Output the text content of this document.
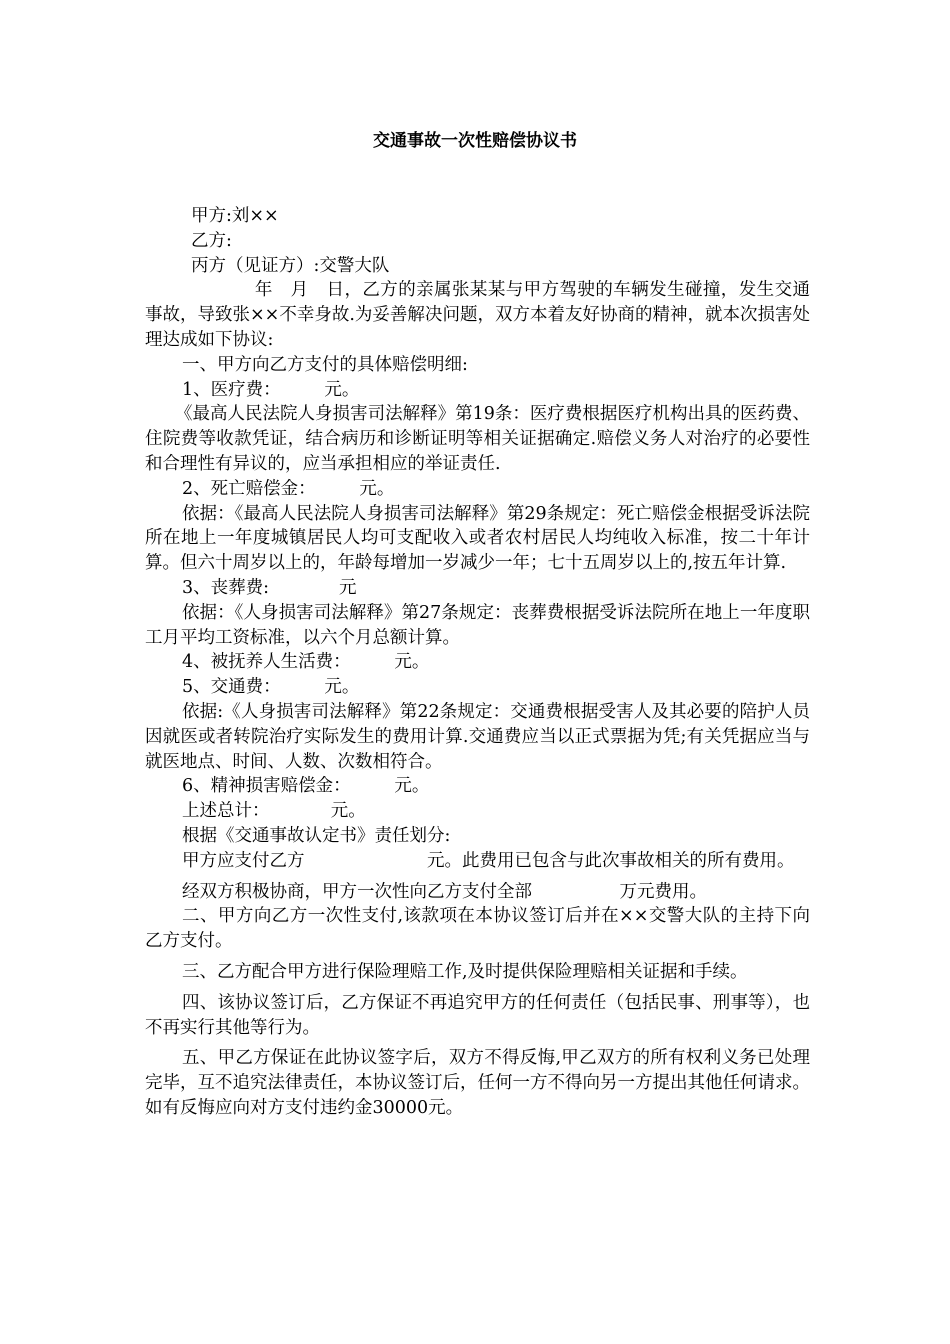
交通事故一次性赔偿协议书

甲方:刘××

乙方:

丙方（见证方）:交警大队

　　年　月　日，乙方的亲属张某某与甲方驾驶的车辆发生碰撞，发生交通事故，导致张××不幸身故.为妥善解决问题，双方本着友好协商的精神，就本次损害处理达成如下协议:

一、甲方向乙方支付的具体赔偿明细:

1、医疗费：　　　元。

《最高人民法院人身损害司法解释》第19条：医疗费根据医疗机构出具的医药费、住院费等收款凭证，结合病历和诊断证明等相关证据确定.赔偿义务人对治疗的必要性和合理性有异议的，应当承担相应的举证责任.

2、死亡赔偿金：　　　元。

依据：《最高人民法院人身损害司法解释》第29条规定：死亡赔偿金根据受诉法院所在地上一年度城镇居民人均可支配收入或者农村居民人均纯收入标准，按二十年计算。但六十周岁以上的，年龄每增加一岁减少一年；七十五周岁以上的,按五年计算.

3、丧葬费:　　　　元

依据：《人身损害司法解释》第27条规定：丧葬费根据受诉法院所在地上一年度职工月平均工资标准，以六个月总额计算。

4、被抚养人生活费：　　　元。

5、交通费：　　　元。

依据:《人身损害司法解释》第22条规定：交通费根据受害人及其必要的陪护人员因就医或者转院治疗实际发生的费用计算.交通费应当以正式票据为凭;有关凭据应当与就医地点、时间、人数、次数相符合。

6、精神损害赔偿金：　　　元。

上述总计：　　　　元。

根据《交通事故认定书》责任划分:

甲方应支付乙方　　　　　　　元。此费用已包含与此次事故相关的所有费用。

经双方积极协商，甲方一次性向乙方支付全部　　　　　万元费用。

二、甲方向乙方一次性支付,该款项在本协议签订后并在××交警大队的主持下向乙方支付。

三、乙方配合甲方进行保险理赔工作,及时提供保险理赔相关证据和手续。

四、该协议签订后，乙方保证不再追究甲方的任何责任（包括民事、刑事等），也不再实行其他等行为。

五、甲乙方保证在此协议签字后，双方不得反悔,甲乙双方的所有权利义务已处理完毕，互不追究法律责任，本协议签订后，任何一方不得向另一方提出其他任何请求。如有反悔应向对方支付违约金30000元。
